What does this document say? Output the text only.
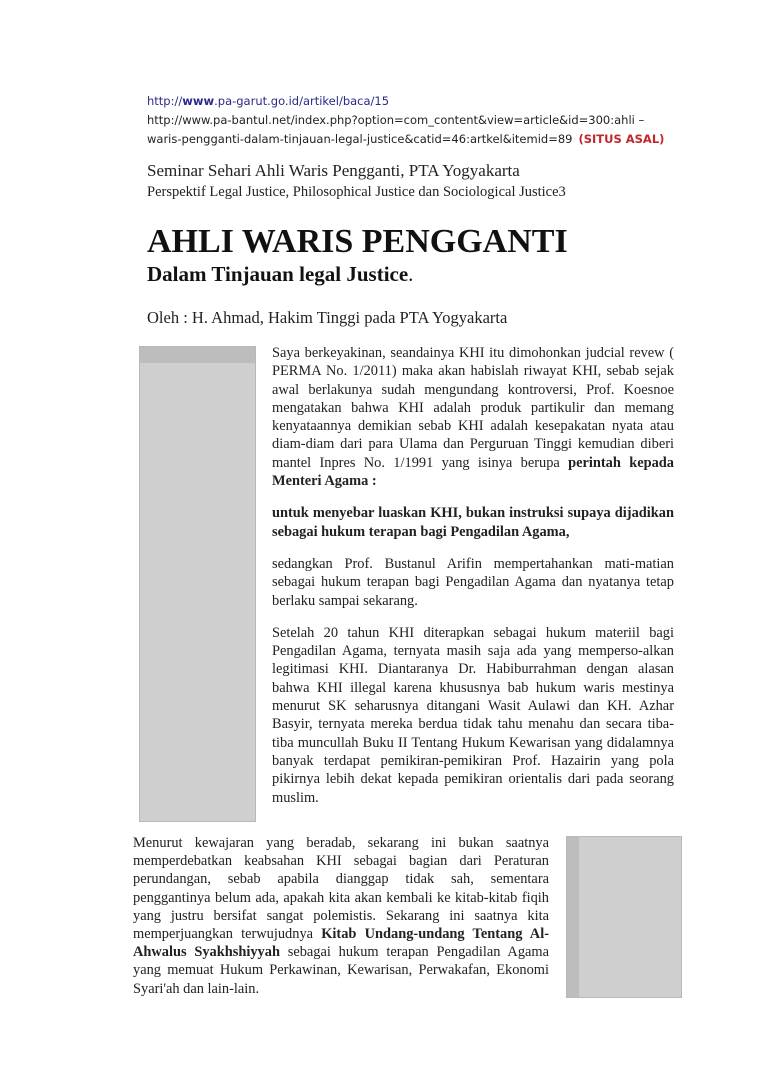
http://www.pa-garut.go.id/artikel/baca/15
http://www.pa-bantul.net/index.php?option=com_content&view=article&id=300:ahli –
waris-pengganti-dalam-tinjauan-legal-justice&catid=46:artkel&itemid=89 (SITUS ASAL)
Seminar Sehari Ahli Waris Pengganti, PTA Yogyakarta
Perspektif Legal Justice, Philosophical Justice dan Sociological Justice3
AHLI WARIS PENGGANTI
Dalam Tinjauan legal Justice.
Oleh : H. Ahmad, Hakim Tinggi pada PTA Yogyakarta

Saya berkeyakinan, seandainya KHI itu dimohonkan judcial revew ( PERMA No. 1/2011) maka akan habislah riwayat KHI, sebab sejak awal berlakunya sudah mengundang kontroversi, Prof. Koesnoe mengatakan bahwa KHI adalah produk partikulir dan memang kenyataannya demikian sebab KHI adalah kesepakatan nyata atau diam-diam dari para Ulama dan Perguruan Tinggi kemudian diberi mantel Inpres No. 1/1991 yang isinya berupa perintah kepada Menteri Agama :

untuk menyebar luaskan KHI, bukan instruksi supaya dijadikan sebagai hukum terapan bagi Pengadilan Agama,

sedangkan Prof. Bustanul Arifin mempertahankan mati-matian sebagai hukum terapan bagi Pengadilan Agama dan nyatanya tetap berlaku sampai sekarang.

Setelah 20 tahun KHI diterapkan sebagai hukum materiil bagi Pengadilan Agama, ternyata masih saja ada yang memperso-alkan legitimasi KHI. Diantaranya Dr. Habiburrahman dengan alasan bahwa KHI illegal karena khususnya bab hukum waris mestinya menurut SK seharusnya ditangani Wasit Aulawi dan KH. Azhar Basyir, ternyata mereka berdua tidak tahu menahu dan secara tiba-tiba muncullah Buku II Tentang Hukum Kewarisan yang didalamnya banyak terdapat pemikiran-pemikiran Prof. Hazairin yang pola pikirnya lebih dekat kepada pemikiran orientalis dari pada seorang muslim.

Menurut kewajaran yang beradab, sekarang ini bukan saatnya memperdebatkan keabsahan KHI sebagai bagian dari Peraturan perundangan, sebab apabila dianggap tidak sah, sementara penggantinya belum ada, apakah kita akan kembali ke kitab-kitab fiqih yang justru bersifat sangat polemistis. Sekarang ini saatnya kita memperjuangkan terwujudnya Kitab Undang-undang Tentang Al-Ahwalus Syakhshiyyah sebagai hukum terapan Pengadilan Agama yang memuat Hukum Perkawinan, Kewarisan, Perwakafan, Ekonomi Syari'ah dan lain-lain.
